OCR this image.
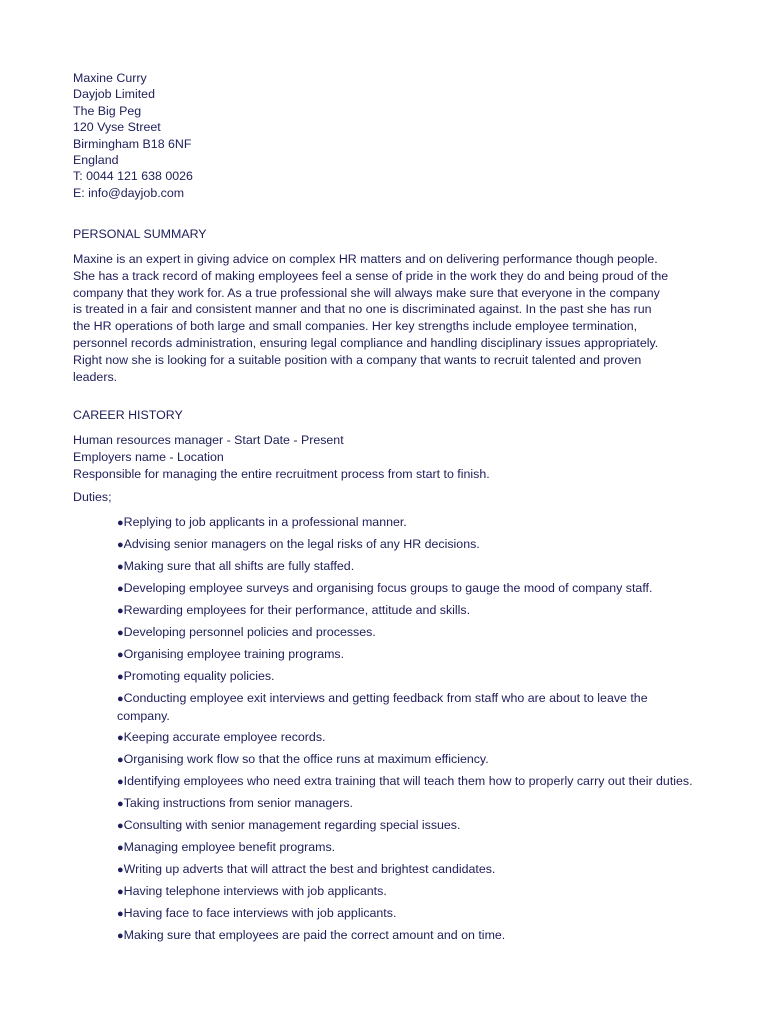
Maxine Curry
Dayjob Limited
The Big Peg
120 Vyse Street
Birmingham B18 6NF
England
T: 0044 121 638 0026
E: info@dayjob.com
PERSONAL SUMMARY
Maxine is an expert in giving advice on complex HR matters and on delivering performance though people.
She has a track record of making employees feel a sense of pride in the work they do and being proud of the
company that they work for. As a true professional she will always make sure that everyone in the company
is treated in a fair and consistent manner and that no one is discriminated against. In the past she has run
the HR operations of both large and small companies. Her key strengths include employee termination,
personnel records administration, ensuring legal compliance and handling disciplinary issues appropriately.
Right now she is looking for a suitable position with a company that wants to recruit talented and proven
leaders.
CAREER HISTORY
Human resources manager - Start Date - Present
Employers name - Location
Responsible for managing the entire recruitment process from start to finish.
Duties;
●Replying to job applicants in a professional manner.
●Advising senior managers on the legal risks of any HR decisions.
●Making sure that all shifts are fully staffed.
●Developing employee surveys and organising focus groups to gauge the mood of company staff.
●Rewarding employees for their performance, attitude and skills.
●Developing personnel policies and processes.
●Organising employee training programs.
●Promoting equality policies.
●Conducting employee exit interviews and getting feedback from staff who are about to leave the company.
●Keeping accurate employee records.
●Organising work flow so that the office runs at maximum efficiency.
●Identifying employees who need extra training that will teach them how to properly carry out their duties.
●Taking instructions from senior managers.
●Consulting with senior management regarding special issues.
●Managing employee benefit programs.
●Writing up adverts that will attract the best and brightest candidates.
●Having telephone interviews with job applicants.
●Having face to face interviews with job applicants.
●Making sure that employees are paid the correct amount and on time.
